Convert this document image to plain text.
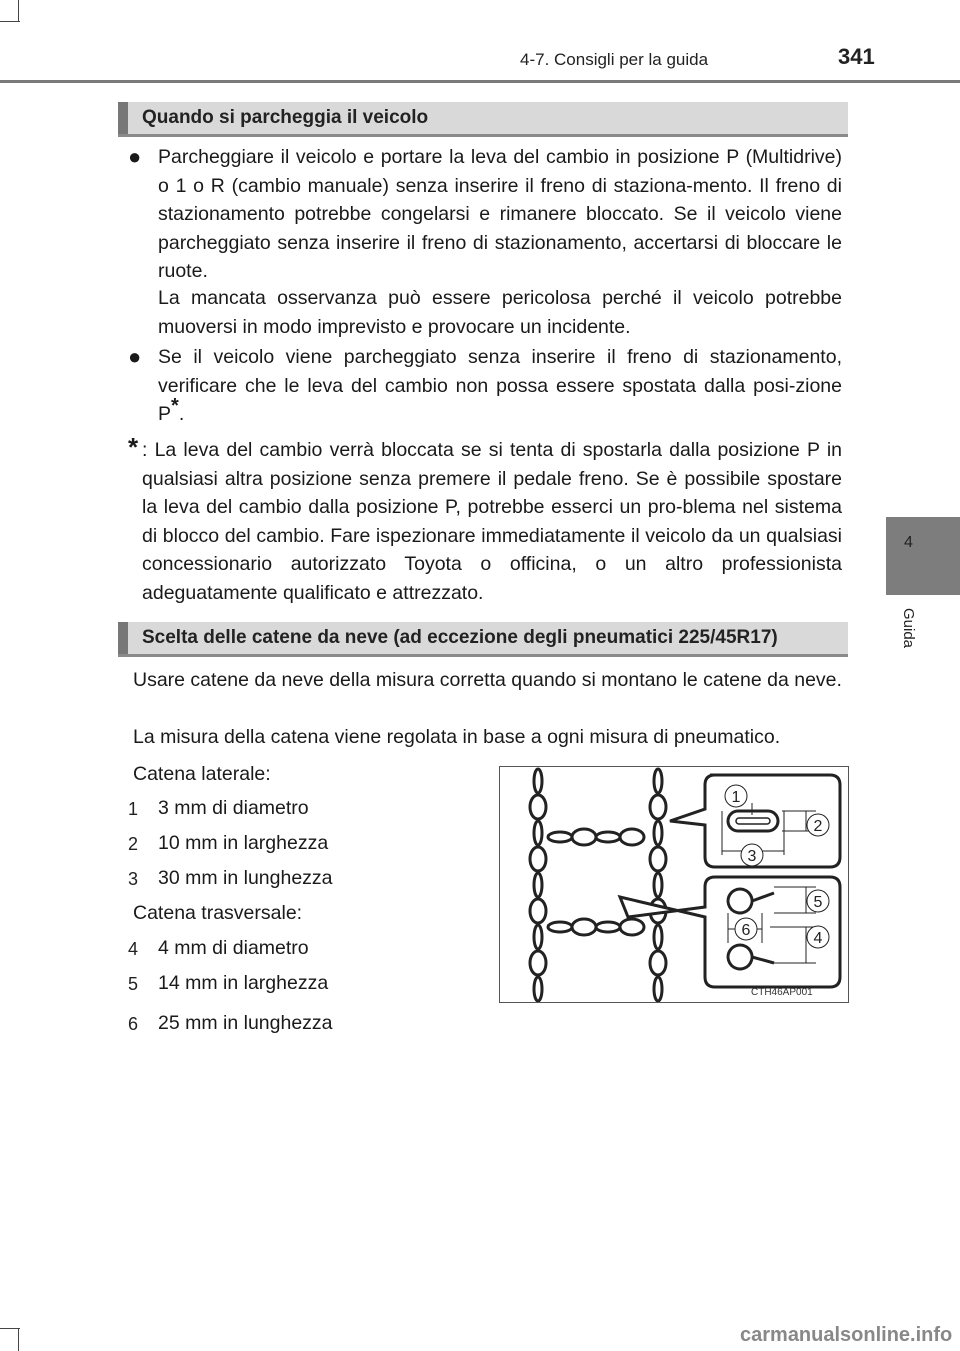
4-7. Consigli per la guida	341
4
Guida
Quando si parcheggia il veicolo
● Parcheggiare il veicolo e portare la leva del cambio in posizione P (Multidrive) o 1 o R (cambio manuale) senza inserire il freno di staziona-mento. Il freno di stazionamento potrebbe congelarsi e rimanere bloccato. Se il veicolo viene parcheggiato senza inserire il freno di stazionamento, accertarsi di bloccare le ruote.
La mancata osservanza può essere pericolosa perché il veicolo potrebbe muoversi in modo imprevisto e provocare un incidente.
● Se il veicolo viene parcheggiato senza inserire il freno di stazionamento, verificare che le leva del cambio non possa essere spostata dalla posi-zione P*.
* : La leva del cambio verrà bloccata se si tenta di spostarla dalla posizione P in qualsiasi altra posizione senza premere il pedale freno. Se è possibile spostare la leva del cambio dalla posizione P, potrebbe esserci un pro-blema nel sistema di blocco del cambio. Fare ispezionare immediatamente il veicolo da un qualsiasi concessionario autorizzato Toyota o officina, o un altro professionista adeguatamente qualificato e attrezzato.
Scelta delle catene da neve (ad eccezione degli pneumatici 225/45R17)
Usare catene da neve della misura corretta quando si montano le catene da neve.
La misura della catena viene regolata in base a ogni misura di pneumatico.
Catena laterale:
1	3 mm di diametro
2	10 mm in larghezza
3	30 mm in lunghezza
Catena trasversale:
4	4 mm di diametro
5	14 mm in larghezza
6	25 mm in lunghezza
1
2
3
4
5
6
CTH46AP001
carmanualsonline.info
